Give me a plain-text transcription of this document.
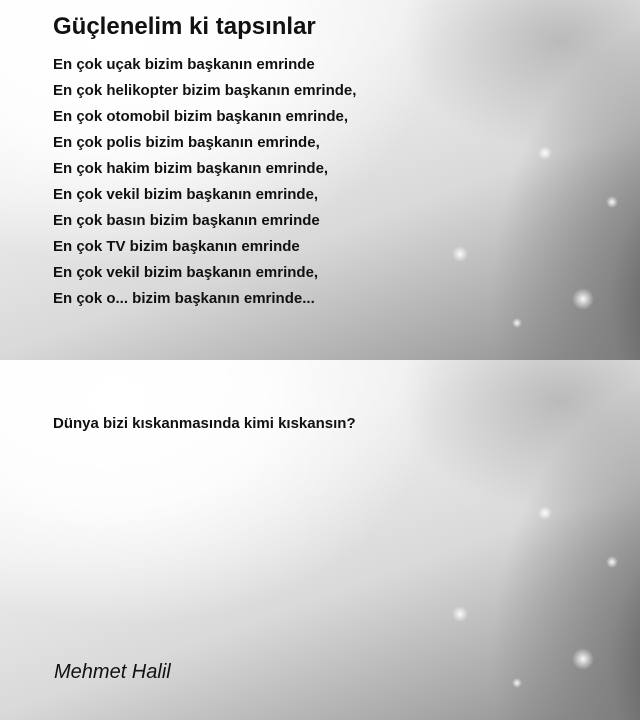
Güçlenelim ki tapsınlar
En çok uçak bizim başkanın emrinde
En çok helikopter bizim başkanın emrinde,
En çok otomobil bizim başkanın emrinde,
En çok polis bizim başkanın emrinde,
En çok hakim bizim başkanın emrinde,
En çok vekil bizim başkanın emrinde,
En çok basın bizim başkanın emrinde
En çok TV bizim başkanın emrinde
En çok vekil bizim başkanın emrinde,
En çok o... bizim başkanın emrinde...

Dünya bizi kıskanmasında kimi kıskansın?

Mehmet Halil
